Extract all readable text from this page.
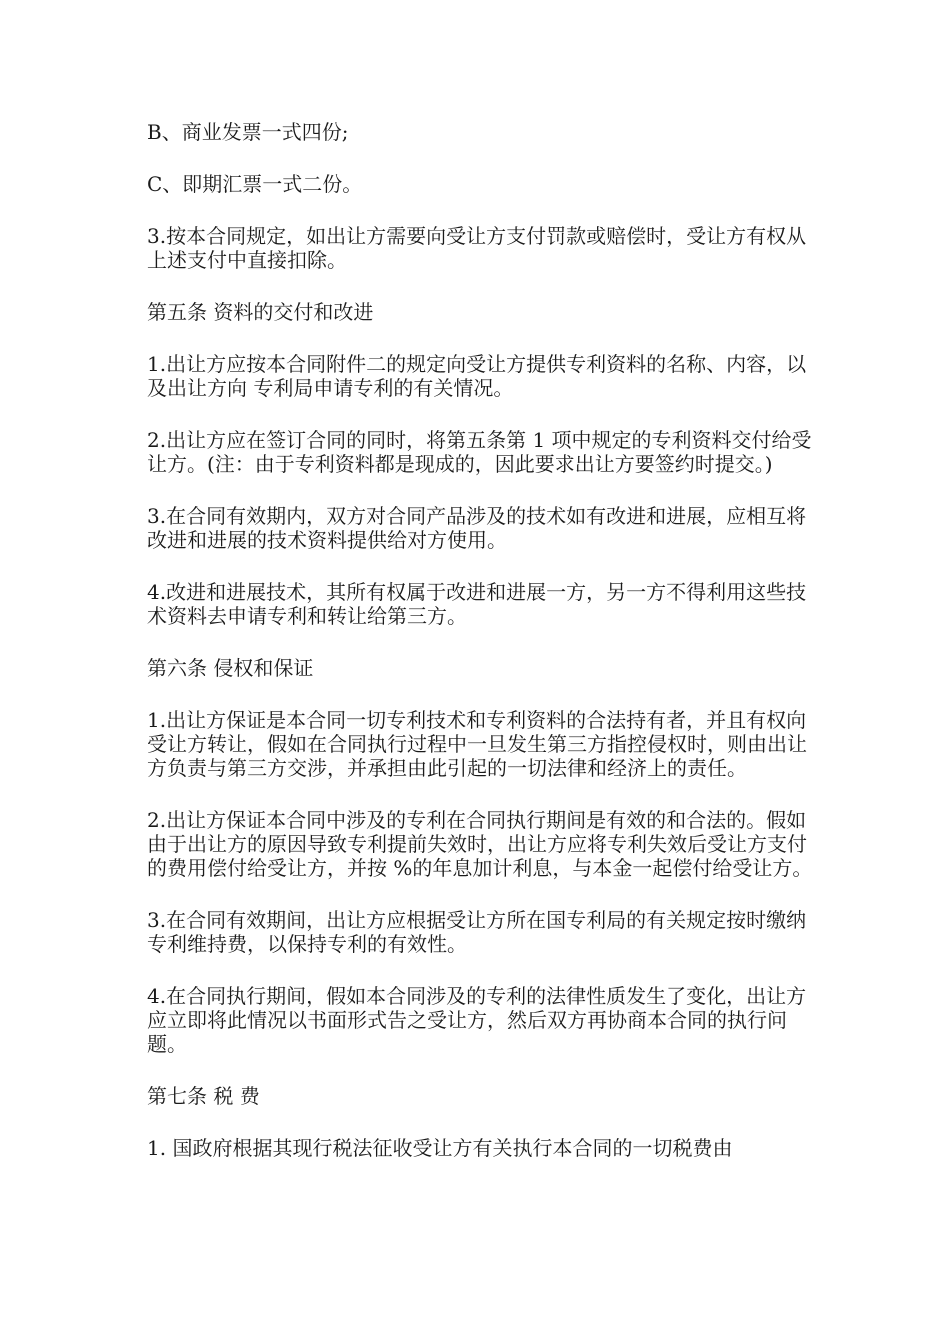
B、商业发票一式四份;

C、即期汇票一式二份。

3.按本合同规定，如出让方需要向受让方支付罚款或赔偿时，受让方有权从上述支付中直接扣除。

第五条 资料的交付和改进

1.出让方应按本合同附件二的规定向受让方提供专利资料的名称、内容，以及出让方向 专利局申请专利的有关情况。

2.出让方应在签订合同的同时，将第五条第 1 项中规定的专利资料交付给受让方。(注：由于专利资料都是现成的，因此要求出让方要签约时提交。)

3.在合同有效期内，双方对合同产品涉及的技术如有改进和进展，应相互将改进和进展的技术资料提供给对方使用。

4.改进和进展技术，其所有权属于改进和进展一方，另一方不得利用这些技术资料去申请专利和转让给第三方。

第六条 侵权和保证

1.出让方保证是本合同一切专利技术和专利资料的合法持有者，并且有权向受让方转让，假如在合同执行过程中一旦发生第三方指控侵权时，则由出让方负责与第三方交涉，并承担由此引起的一切法律和经济上的责任。

2.出让方保证本合同中涉及的专利在合同执行期间是有效的和合法的。假如由于出让方的原因导致专利提前失效时，出让方应将专利失效后受让方支付的费用偿付给受让方，并按 %的年息加计利息，与本金一起偿付给受让方。

3.在合同有效期间，出让方应根据受让方所在国专利局的有关规定按时缴纳专利维持费，以保持专利的有效性。

4.在合同执行期间，假如本合同涉及的专利的法律性质发生了变化，出让方应立即将此情况以书面形式告之受让方，然后双方再协商本合同的执行问题。

第七条 税 费

1. 国政府根据其现行税法征收受让方有关执行本合同的一切税费由
